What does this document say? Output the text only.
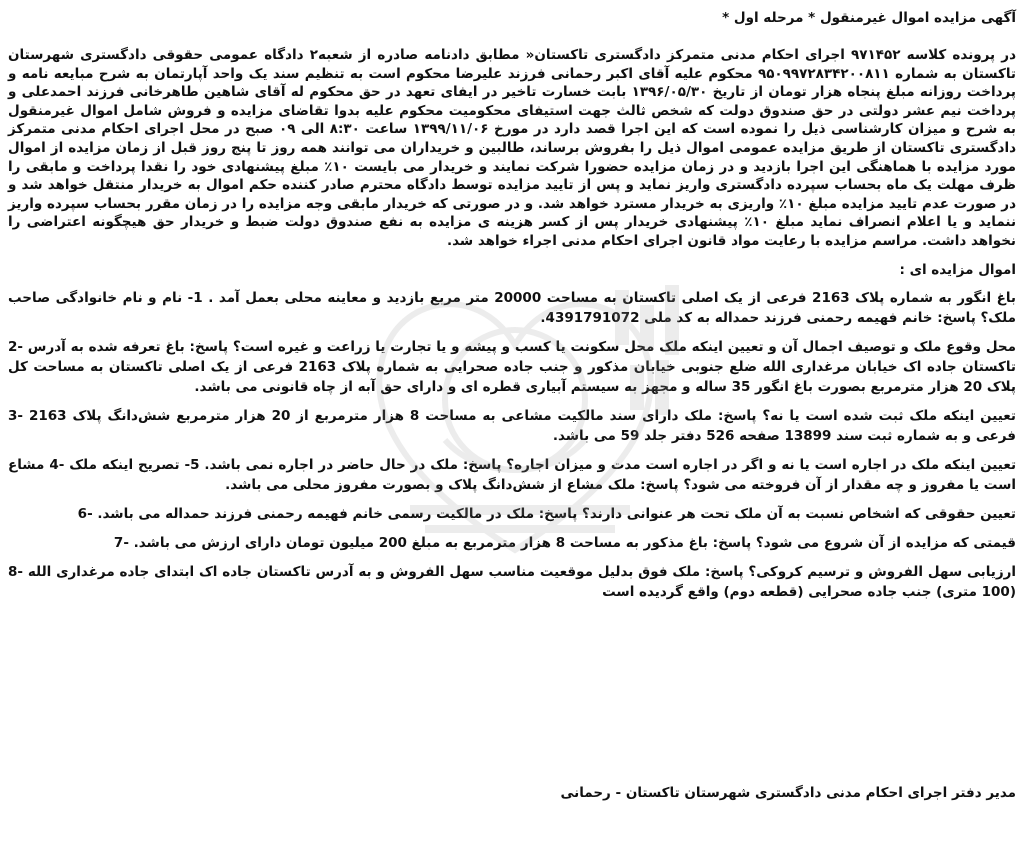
آگهی مزایده اموال غیرمنقول * مرحله اول *
در پرونده کلاسه ۹۷۱۴۵۲ اجرای احکام مدنی متمرکز دادگستری تاکستان« مطابق دادنامه صادره از شعبه۲ دادگاه عمومی حقوقی دادگستری شهرستان تاکستان به شماره ۹۵۰۹۹۷۲۸۳۴۲۰۰۸۱۱ محکوم علیه آقای اکبر رحمانی فرزند علیرضا محکوم است به تنظیم سند یک واحد آپارتمان به شرح مبایعه نامه و پرداخت روزانه مبلغ پنجاه هزار تومان از تاریخ ۱۳۹۶/۰۵/۳۰ بابت خسارت تاخیر در ایفای تعهد در حق محکوم له آقای شاهین طاهرخانی فرزند احمدعلی و پرداخت نیم عشر دولتی در حق صندوق دولت که شخص ثالث جهت استیفای محکومیت محکوم علیه بدوا تقاضای مزایده و فروش شامل اموال غیرمنقول به شرح و میزان کارشناسی ذیل را نموده است که این اجرا قصد دارد در مورخ ۱۳۹۹/۱۱/۰۶ ساعت ۸:۳۰ الی ۰۹ صبح در محل اجرای احکام مدنی متمرکز دادگستری تاکستان از طریق مزایده عمومی اموال ذیل را بفروش برساند، طالبین و خریداران می توانند همه روز تا پنج روز قبل از زمان مزایده از اموال مورد مزایده با هماهنگی این اجرا بازدید و در زمان مزایده حضورا شرکت نمایند و خریدار می بایست ۱۰٪ مبلغ پیشنهادی خود را نقدا پرداخت و مابقی را ظرف مهلت یک ماه بحساب سپرده دادگستری واریز نماید و پس از تایید مزایده توسط دادگاه محترم صادر کننده حکم اموال به خریدار منتقل خواهد شد و در صورت عدم تایید مزایده مبلغ ۱۰٪ واریزی به خریدار مسترد خواهد شد. و در صورتی که خریدار مابقی وجه مزایده را در زمان مقرر بحساب سپرده واریز ننماید و یا اعلام انصراف نماید مبلغ ۱۰٪ پیشنهادی خریدار پس از کسر هزینه ی مزایده به نفع صندوق دولت ضبط و خریدار حق هیچگونه اعتراضی را نخواهد داشت. مراسم مزایده با رعایت مواد قانون اجرای احکام مدنی اجراء خواهد شد.
اموال مزایده ای :
باغ انگور به شماره پلاک 2163 فرعی از یک اصلی تاکستان به مساحت 20000 متر مربع بازدید و معاینه محلی بعمل آمد . 1- نام و نام خانوادگی صاحب ملک؟ پاسخ: خانم فهیمه رحمنی فرزند حمداله به کد ملی 4391791072.
محل وقوع ملک و توصیف اجمال آن و تعیین اینکه ملک محل سکونت یا کسب و پیشه و یا تجارت یا زراعت و غیره است؟ پاسخ: باغ تعرفه شده به آدرس -2 تاکستان جاده اک خیابان مرغداری الله ضلع جنوبی خیابان مذکور و جنب جاده صحرایی به شماره پلاک 2163 فرعی از یک اصلی تاکستان به مساحت کل پلاک 20 هزار مترمربع بصورت باغ انگور 35 ساله و مجهز به سیستم آبیاری قطره ای و دارای حق آبه از چاه قانونی می باشد.
تعیین اینکه ملک ثبت شده است یا نه؟ پاسخ: ملک دارای سند مالکیت مشاعی به مساحت 8 هزار مترمربع از 20 هزار مترمربع شش‌دانگ پلاک 2163 -3 فرعی و به شماره ثبت سند 13899 صفحه 526 دفتر جلد 59 می باشد.
تعیین اینکه ملک در اجاره است یا نه و اگر در اجاره است مدت و میزان اجاره؟ پاسخ: ملک در حال حاضر در اجاره نمی باشد. 5- تصریح اینکه ملک -4 مشاع است یا مفروز و چه مقدار از آن فروخته می شود؟ پاسخ: ملک مشاع از شش‌دانگ پلاک و بصورت مفروز محلی می باشد.
تعیین حقوقی که اشخاص نسبت به آن ملک تحت هر عنوانی دارند؟ پاسخ: ملک در مالکیت رسمی خانم فهیمه رحمنی فرزند حمداله می باشد. -6
قیمتی که مزایده از آن شروع می شود؟ پاسخ: باغ مذکور به مساحت 8 هزار مترمربع به مبلغ 200 میلیون تومان دارای ارزش می باشد. -7
ارزیابی سهل الفروش و ترسیم کروکی؟ پاسخ: ملک فوق بدلیل موقعیت مناسب سهل الفروش و به آدرس تاکستان جاده اک ابتدای جاده مرغداری الله -8 (100 متری) جنب جاده صحرایی (قطعه دوم) واقع گردیده است
مدیر دفتر اجرای احکام مدنی دادگستری شهرستان تاکستان - رحمانی
